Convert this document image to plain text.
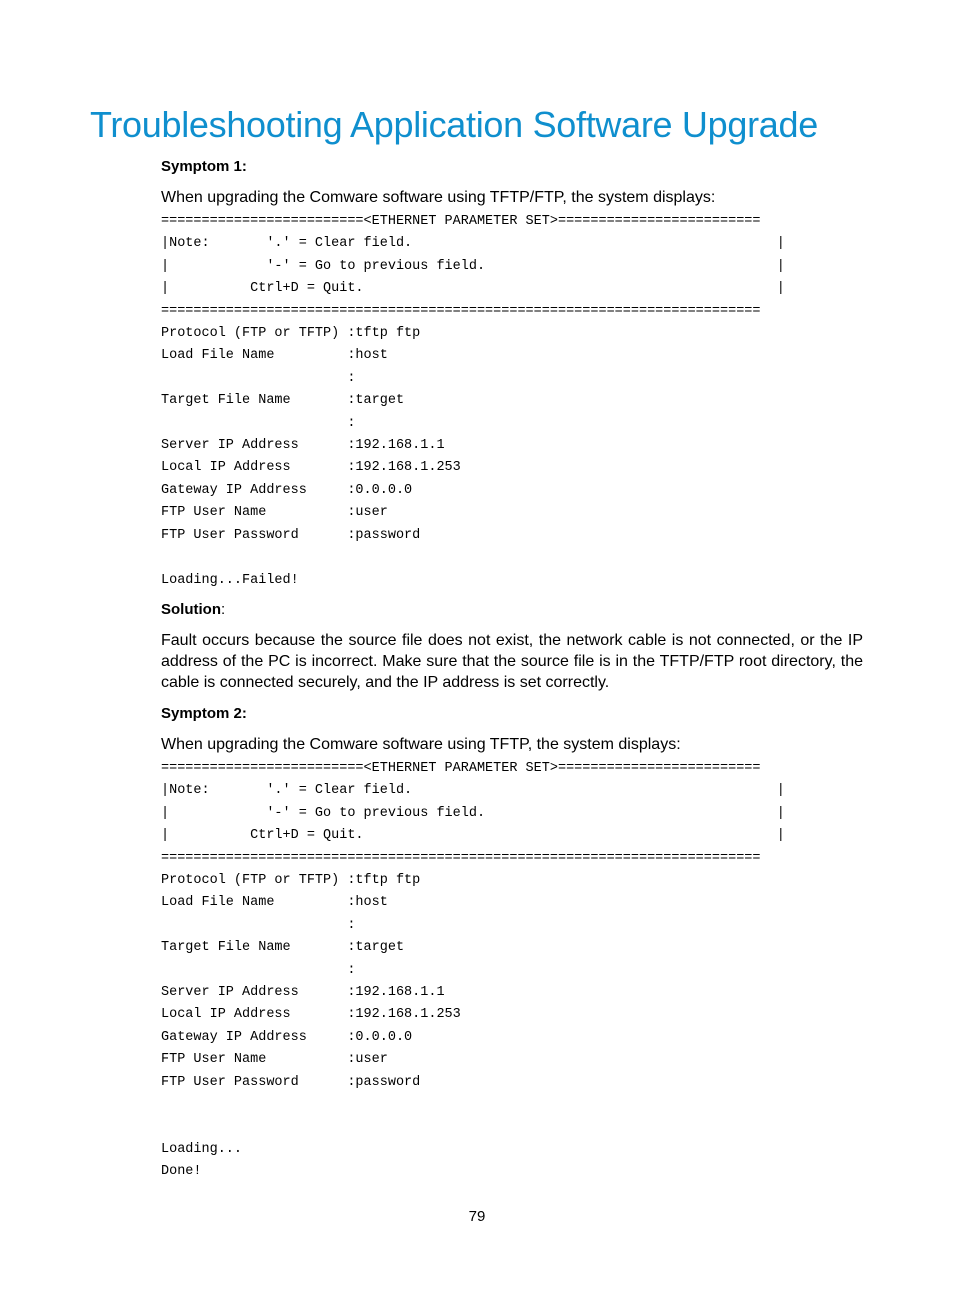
Troubleshooting Application Software Upgrade
Symptom 1:
When upgrading the Comware software using TFTP/FTP, the system displays:
=========================<ETHERNET PARAMETER SET>=========================
|Note:       '.' = Clear field.                                             |
|            '-' = Go to previous field.                                    |
|          Ctrl+D = Quit.                                                   |
==========================================================================
Protocol (FTP or TFTP) :tftp ftp
Load File Name         :host
:
Target File Name       :target
:
Server IP Address      :192.168.1.1
Local IP Address       :192.168.1.253
Gateway IP Address     :0.0.0.0
FTP User Name          :user
FTP User Password      :password

Loading...Failed!
Solution:
Fault occurs because the source file does not exist, the network cable is not connected, or the IP address of the PC is incorrect. Make sure that the source file is in the TFTP/FTP root directory, the cable is connected securely, and the IP address is set correctly.
Symptom 2:
When upgrading the Comware software using TFTP, the system displays:
=========================<ETHERNET PARAMETER SET>=========================
|Note:       '.' = Clear field.                                             |
|            '-' = Go to previous field.                                    |
|          Ctrl+D = Quit.                                                   |
==========================================================================
Protocol (FTP or TFTP) :tftp ftp
Load File Name         :host
:
Target File Name       :target
:
Server IP Address      :192.168.1.1
Local IP Address       :192.168.1.253
Gateway IP Address     :0.0.0.0
FTP User Name          :user
FTP User Password      :password

Loading...
Done!
79
